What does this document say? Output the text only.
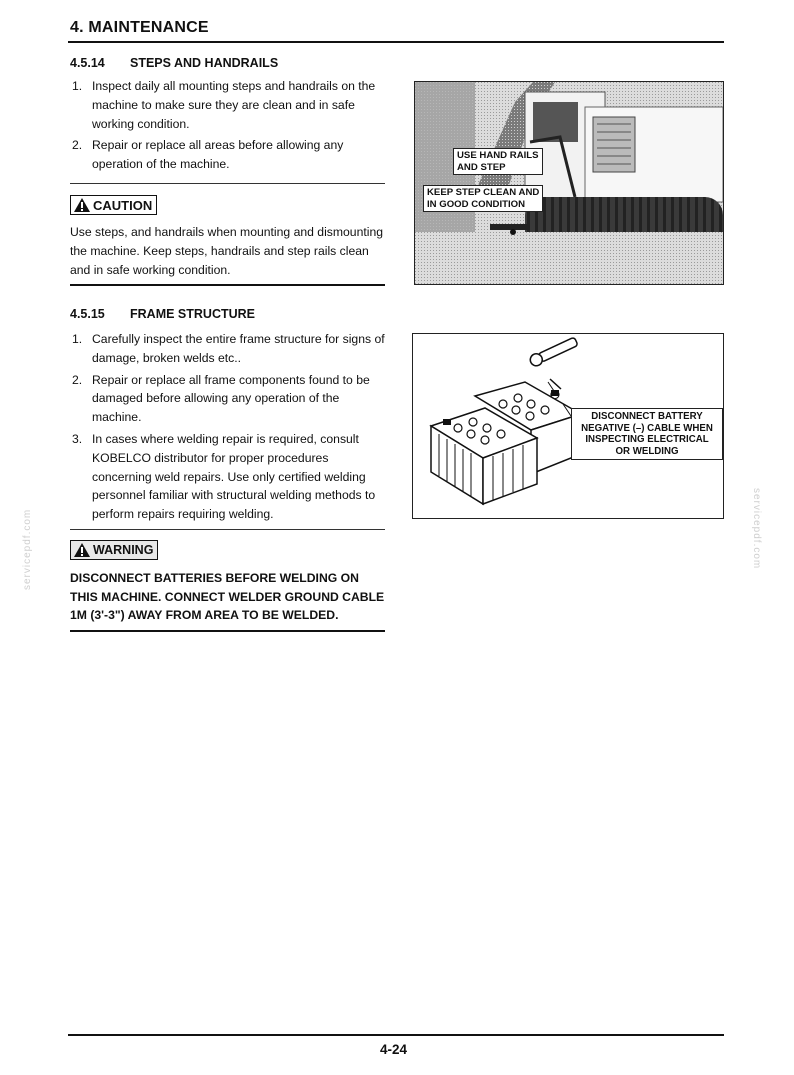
4. MAINTENANCE
4.5.14 STEPS AND HANDRAILS
1. Inspect daily all mounting steps and handrails on the machine to make sure they are clean and in safe working condition.
2. Repair or replace all areas before allowing any operation of the machine.
CAUTION
Use steps, and handrails when mounting and dismounting the machine. Keep steps, handrails and step rails clean and in safe working condition.
4.5.15 FRAME STRUCTURE
1. Carefully inspect the entire frame structure for signs of damage, broken welds etc..
2. Repair or replace all frame components found to be damaged before allowing any operation of the machine.
3. In cases where welding repair is required, consult KOBELCO distributor for proper procedures concerning weld repairs. Use only certified welding personnel familiar with structural welding methods to perform repairs requiring welding.
WARNING
DISCONNECT BATTERIES BEFORE WELDING ON THIS MACHINE. CONNECT WELDER GROUND CABLE 1M (3'-3") AWAY FROM AREA TO BE WELDED.
USE HAND RAILS
AND STEP
KEEP STEP CLEAN AND
IN GOOD CONDITION
⊖
DISCONNECT BATTERY
NEGATIVE (–) CABLE WHEN
INSPECTING ELECTRICAL
OR WELDING
servicepdf.com	servicepdf.com
4-24
